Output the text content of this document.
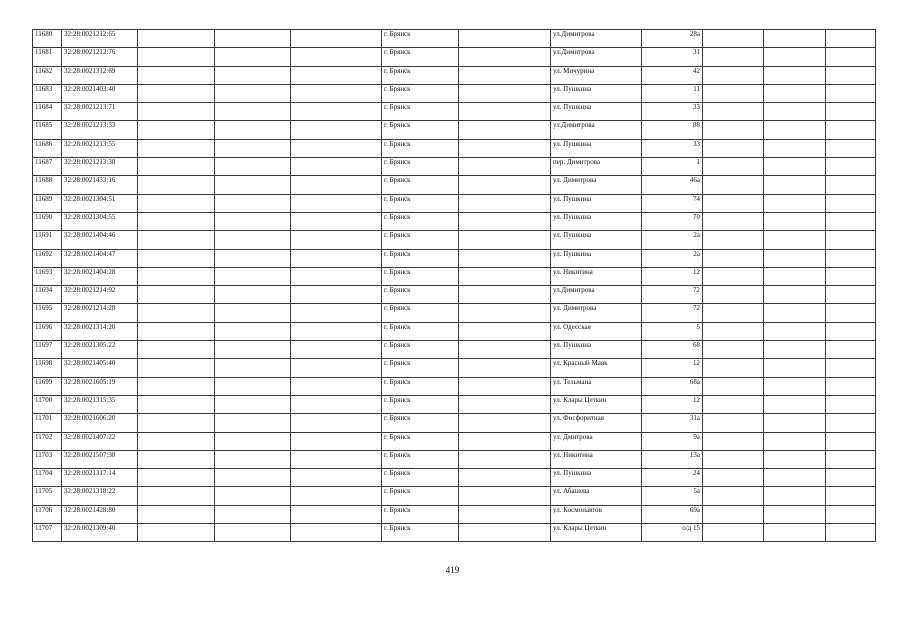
11680	32:28:0021212:65				г. Брянск		ул.Димитрова	28а			
11681	32:28:0021212:76				г. Брянск		ул.Димитрова	31			
11682	32:28:0021312:69				г. Брянск		ул. Мичурина	42			
11683	32:28:0021403:40				г. Брянск		ул. Пушкина	11			
11684	32:28:0021213:71				г. Брянск		ул. Пушкина	33			
11685	32:28:0021213:33				г. Брянск		ул.Димитрова	88			
11686	32:28:0021213:55				г. Брянск		ул. Пушкина	33			
11687	32:28:0021213:38				г. Брянск		пер. Димитрова	1			
11688	32:28:0021433:16				г. Брянск		ул. Димитрова	46а			
11689	32:28:0021304:51				г. Брянск		ул. Пушкина	74			
11690	32:28:0021304:55				г. Брянск		ул. Пушкина	70			
11691	32:28:0021404:46				г. Брянск		ул. Пушкина	2а			
11692	32:28:0021404:47				г. Брянск		ул. Пушкина	2а			
11693	32:28:0021404:28				г. Брянск		ул. Никитина	12			
11694	32:28:0021214:92				г. Брянск		ул.Димитрова	72			
11695	32:28:0021214:28				г. Брянск		ул. Димитрова	72			
11696	32:28:0021314:20				г. Брянск		ул. Одесская	5			
11697	32:28:0021305:22				г. Брянск		ул. Пушкина	68			
11698	32:28:0021405:40				г. Брянск		ул. Красный Маяк	12			
11699	32:28:0021605:19				г. Брянск		ул. Тельмана	68а			
11700	32:28:0021315:35				г. Брянск		ул. Клары Цеткин	12			
11701	32:28:0021606:20				г. Брянск		ул. Фосфоритная	31а			
11702	32:28:0021407:22				г. Брянск		ул. Дмитрова	9а			
11703	32:28:0021507:38				г. Брянск		ул. Никитина	13а			
11704	32:28:0021317:14				г. Брянск		ул. Пушкина	24			
11705	32:28:0021318:22				г. Брянск		ул. Абашева	5а			
11706	32:28:0021428:80				г. Брянск		ул. Космонавтов	69а			
11707	32:28:0021309:40				г. Брянск		ул. Клары Цеткин	о/д 15			
419
